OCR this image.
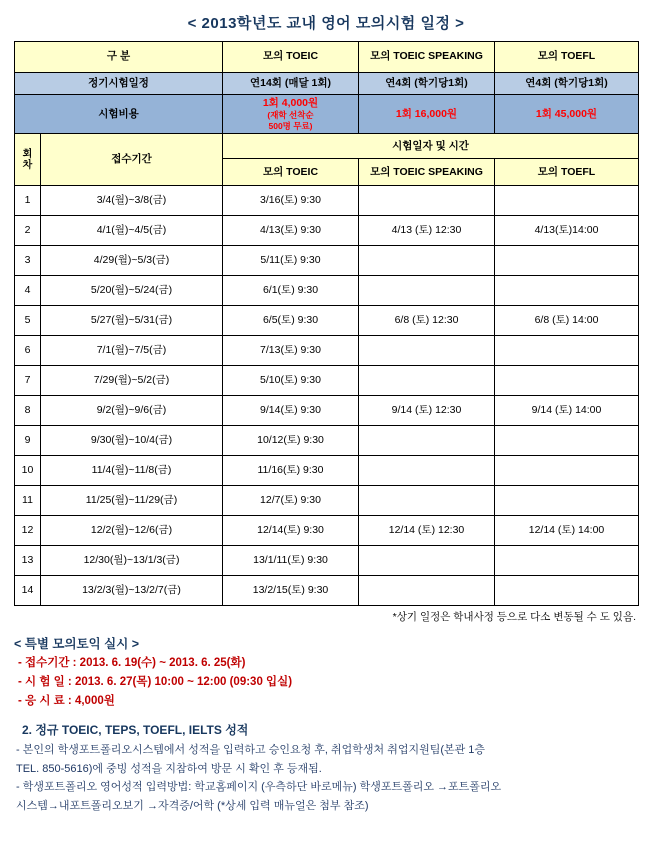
< 2013학년도 교내 영어 모의시험 일정 >
구 분		모의 TOEIC	모의 TOEIC SPEAKING	모의 TOEFL
정기시험일정		연14회 (매달 1회)	연4회 (학기당1회)	연4회 (학기당1회)
시험비용		1회 4,000원
(재학 선착순
500명 무료)	1회 16,000원	1회 45,000원
회
차	접수기간	시험일자 및 시간		
		모의 TOEIC	모의 TOEIC SPEAKING	모의 TOEFL
1	3/4(월)~3/8(금)	3/16(토) 9:30		
2	4/1(월)~4/5(금)	4/13(토) 9:30	4/13 (토) 12:30	4/13(토)14:00
3	4/29(월)~5/3(금)	5/11(토) 9:30		
4	5/20(월)~5/24(금)	6/1(토) 9:30		
5	5/27(월)~5/31(금)	6/5(토) 9:30	6/8 (토) 12:30	6/8 (토) 14:00
6	7/1(월)~7/5(금)	7/13(토) 9:30		
7	7/29(월)~5/2(금)	5/10(토) 9:30		
8	9/2(월)~9/6(금)	9/14(토) 9:30	9/14 (토) 12:30	9/14 (토) 14:00
9	9/30(월)~10/4(금)	10/12(토) 9:30		
10	11/4(월)~11/8(금)	11/16(토) 9:30		
11	11/25(월)~11/29(금)	12/7(토) 9:30		
12	12/2(월)~12/6(금)	12/14(토) 9:30	12/14 (토) 12:30	12/14 (토) 14:00
13	12/30(월)~13/1/3(금)	13/1/11(토) 9:30		
14	13/2/3(월)~13/2/7(금)	13/2/15(토) 9:30		
*상기 일정은 학내사정 등으로 다소 변동될 수 도 있음.
< 특별 모의토익 실시 >
- 접수기간 : 2013. 6. 19(수) ~ 2013. 6. 25(화)
- 시 험 일 : 2013. 6. 27(목) 10:00 ~ 12:00 (09:30 입실)
- 응 시 료 : 4,000원
2. 정규 TOEIC, TEPS, TOEFL, IELTS 성적
- 본인의 학생포트폴리오시스템에서 성적을 입력하고 승인요청 후, 취업학생처 취업지원팀(본관 1층
TEL. 850-5616)에 중빙 성적을 지참하여 방문 시 확인 후 등재됨.
- 학생포트폴리오 영어성적 입력방법: 학교홈페이지 (우측하단 바로메뉴) 학생포트폴리오 →포트폴리오
시스템→내포트폴리오보기 →자격증/어학 (*상세 입력 매뉴얼은 첨부 참조)
